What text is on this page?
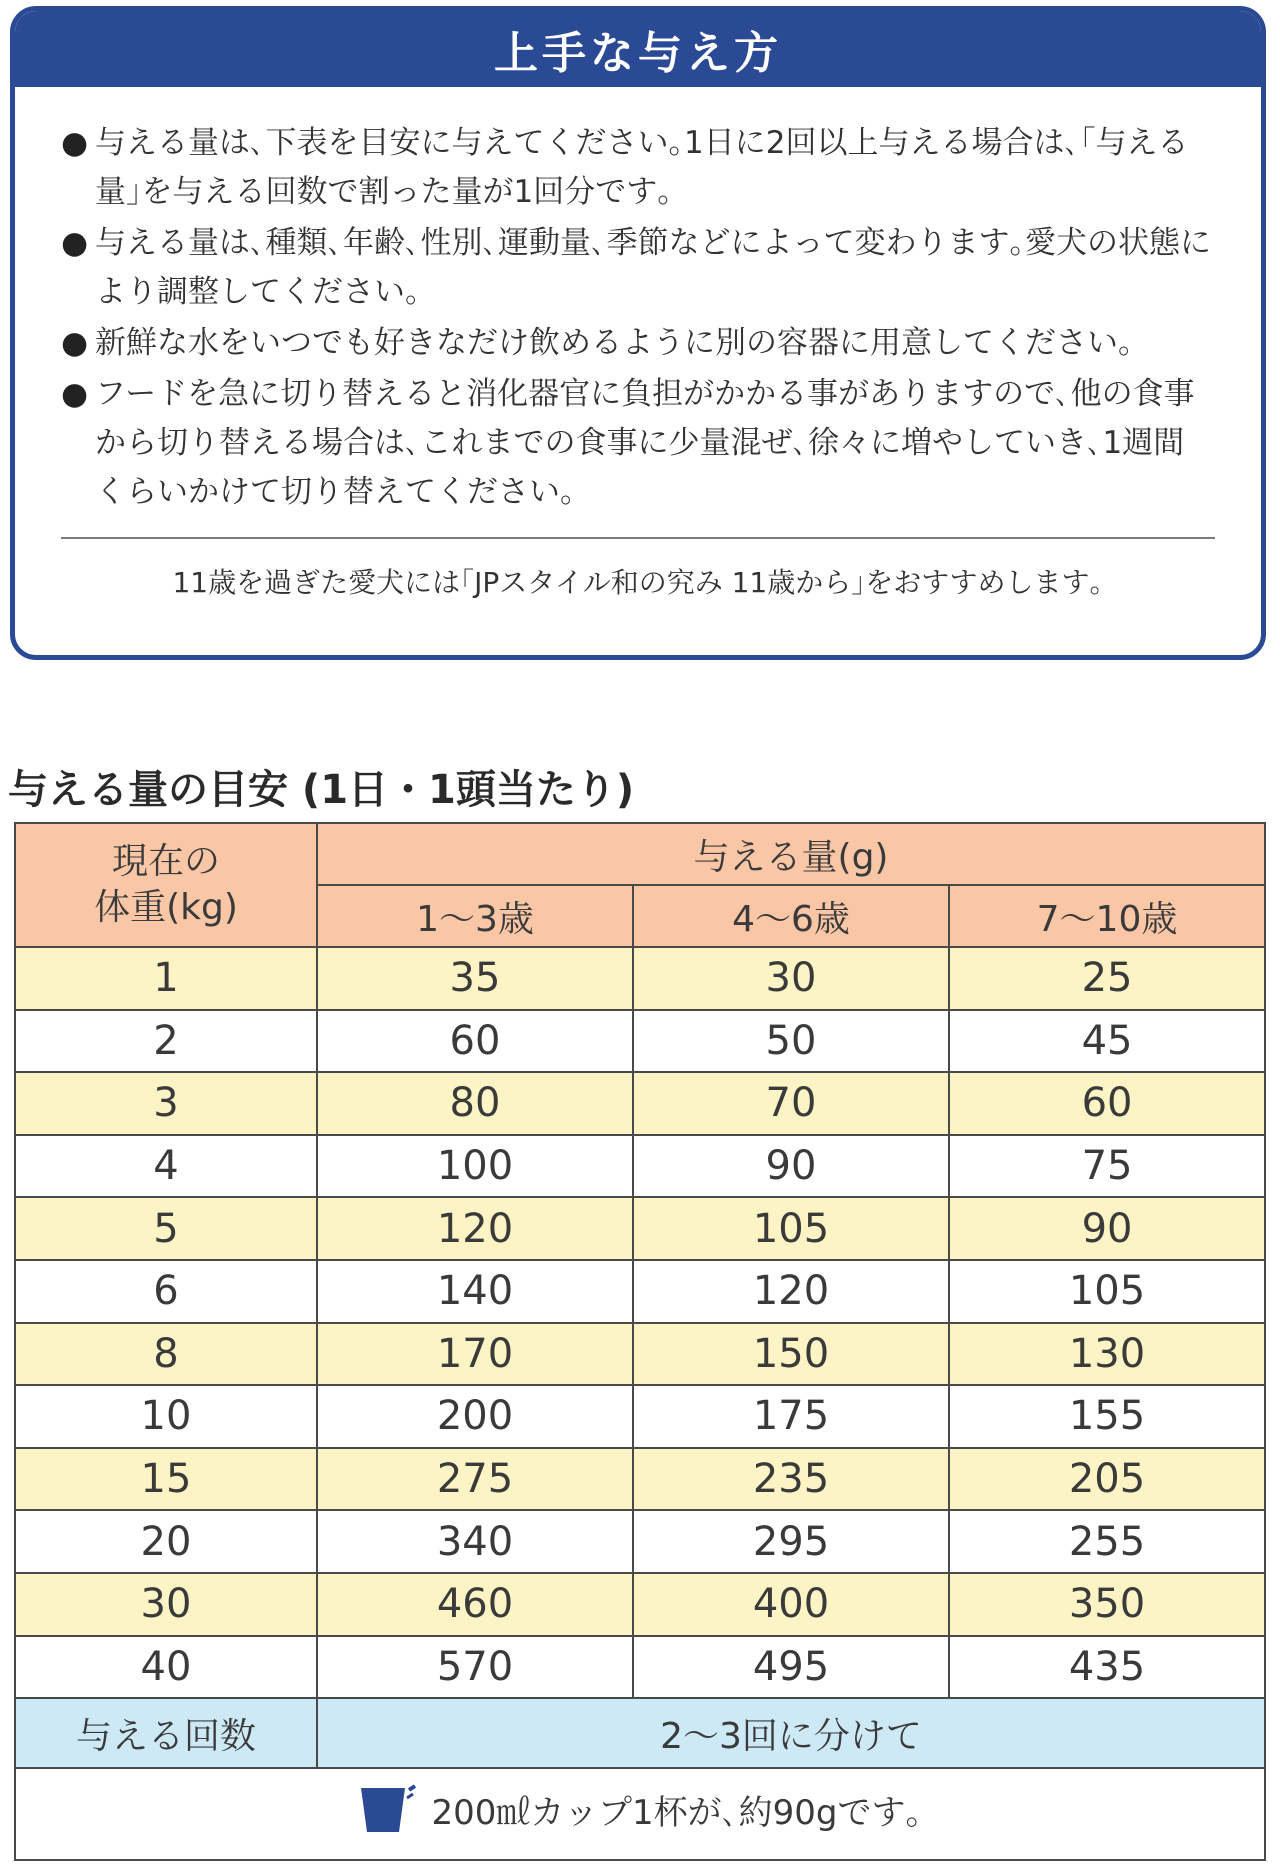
上手な与え方
● 与える量は､下表を目安に与えてください｡1日に2回以上与える場合は､｢与える量｣を与える回数で割った量が1回分です｡
● 与える量は､種類､年齢､性別､運動量､季節などによって変わります｡愛犬の状態により調整してください｡
● 新鮮な水をいつでも好きなだけ飲めるように別の容器に用意してください｡
● フードを急に切り替えると消化器官に負担がかかる事がありますので､他の食事から切り替える場合は､これまでの食事に少量混ぜ､徐々に増やしていき､1週間くらいかけて切り替えてください｡
11歳を過ぎた愛犬には｢JPスタイル和の究み 11歳から｣をおすすめします｡
与える量の目安 (1日・1頭当たり)
現在の
体重(kg)	与える量(g)		
	1〜3歳	4〜6歳	7〜10歳
1	35	30	25
2	60	50	45
3	80	70	60
4	100	90	75
5	120	105	90
6	140	120	105
8	170	150	130
10	200	175	155
15	275	235	205
20	340	295	255
30	460	400	350
40	570	495	435
与える回数	2〜3回に分けて		

200㎖カップ1杯が､約90gです｡			
